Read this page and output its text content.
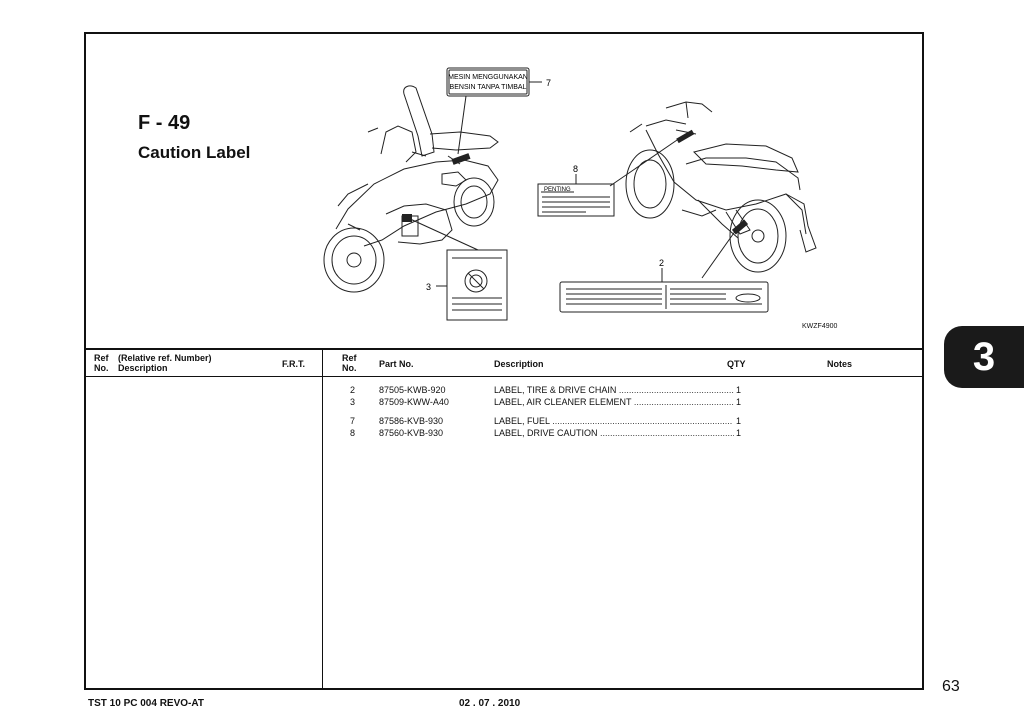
F - 49
Caution Label
MESIN MENGGUNAKAN
BENSIN TANPA TIMBAL
PENTING
7
8
3
2
KWZF4900
Ref
No.
(Relative ref. Number)
Description	F.R.T.
Ref
No.	Part No.	Description	QTY	Notes
2	87505-KWB-920	LABEL, TIRE & DRIVE CHAIN .....	1
3	87509-KWW-A40	LABEL, AIR CLEANER ELEMENT .....	1
7	87586-KVB-930	LABEL, FUEL .....	1
8	87560-KVB-930	LABEL, DRIVE CAUTION .....	1
3
63
TST 10 PC 004 REVO-AT	02 . 07 . 2010
